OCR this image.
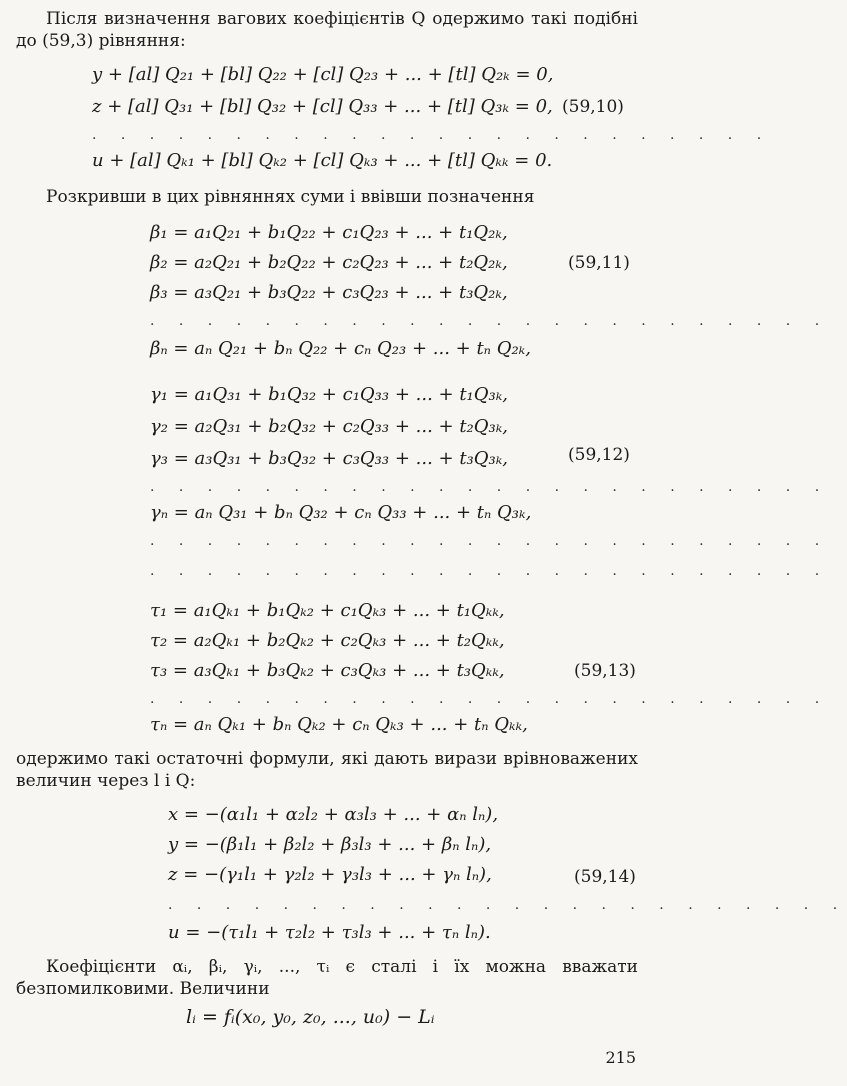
Після визначення вагових коефіцієнтів Q одержимо такі подібні до (59,3) рівняння:
y + [al] Q₂₁ + [bl] Q₂₂ + [cl] Q₂₃ + ... + [tl] Q₂ₖ = 0,
z + [al] Q₃₁ + [bl] Q₃₂ + [cl] Q₃₃ + ... + [tl] Q₃ₖ = 0, (59,10)
. . . . . . . . . . . . . . . . . . . . . . . .
u + [al] Qₖ₁ + [bl] Qₖ₂ + [cl] Qₖ₃ + ... + [tl] Qₖₖ = 0.
Розкривши в цих рівняннях суми і ввівши позначення
β₁ = a₁Q₂₁ + b₁Q₂₂ + c₁Q₂₃ + ... + t₁Q₂ₖ,
β₂ = a₂Q₂₁ + b₂Q₂₂ + c₂Q₂₃ + ... + t₂Q₂ₖ,	(59,11)
β₃ = a₃Q₂₁ + b₃Q₂₂ + c₃Q₂₃ + ... + t₃Q₂ₖ,
. . . . . . . . . . . . . . . . . . . . . . . .
βₙ = aₙ Q₂₁ + bₙ Q₂₂ + cₙ Q₂₃ + ... + tₙ Q₂ₖ,
γ₁ = a₁Q₃₁ + b₁Q₃₂ + c₁Q₃₃ + ... + t₁Q₃ₖ,
γ₂ = a₂Q₃₁ + b₂Q₃₂ + c₂Q₃₃ + ... + t₂Q₃ₖ,
γ₃ = a₃Q₃₁ + b₃Q₃₂ + c₃Q₃₃ + ... + t₃Q₃ₖ,	(59,12)
. . . . . . . . . . . . . . . . . . . . . . . .
γₙ = aₙ Q₃₁ + bₙ Q₃₂ + cₙ Q₃₃ + ... + tₙ Q₃ₖ,
. . . . . . . . . . . . . . . . . . . . . . . .
. . . . . . . . . . . . . . . . . . . . . . . .
τ₁ = a₁Qₖ₁ + b₁Qₖ₂ + c₁Qₖ₃ + ... + t₁Qₖₖ,
τ₂ = a₂Qₖ₁ + b₂Qₖ₂ + c₂Qₖ₃ + ... + t₂Qₖₖ,
τ₃ = a₃Qₖ₁ + b₃Qₖ₂ + c₃Qₖ₃ + ... + t₃Qₖₖ,	(59,13)
. . . . . . . . . . . . . . . . . . . . . . . .
τₙ = aₙ Qₖ₁ + bₙ Qₖ₂ + cₙ Qₖ₃ + ... + tₙ Qₖₖ,
одержимо такі остаточні формули, які дають вирази врівноважених величин через l і Q:
x = −(α₁l₁ + α₂l₂ + α₃l₃ + ... + αₙ lₙ),
y = −(β₁l₁ + β₂l₂ + β₃l₃ + ... + βₙ lₙ),
z = −(γ₁l₁ + γ₂l₂ + γ₃l₃ + ... + γₙ lₙ),	(59,14)
. . . . . . . . . . . . . . . . . . . . . . . .
u = −(τ₁l₁ + τ₂l₂ + τ₃l₃ + ... + τₙ lₙ).
Коефіцієнти αᵢ, βᵢ, γᵢ, ..., τᵢ є сталі і їх можна вважати безпомилковими. Величини
lᵢ = fᵢ(x₀, y₀, z₀, ..., u₀) − Lᵢ
215
